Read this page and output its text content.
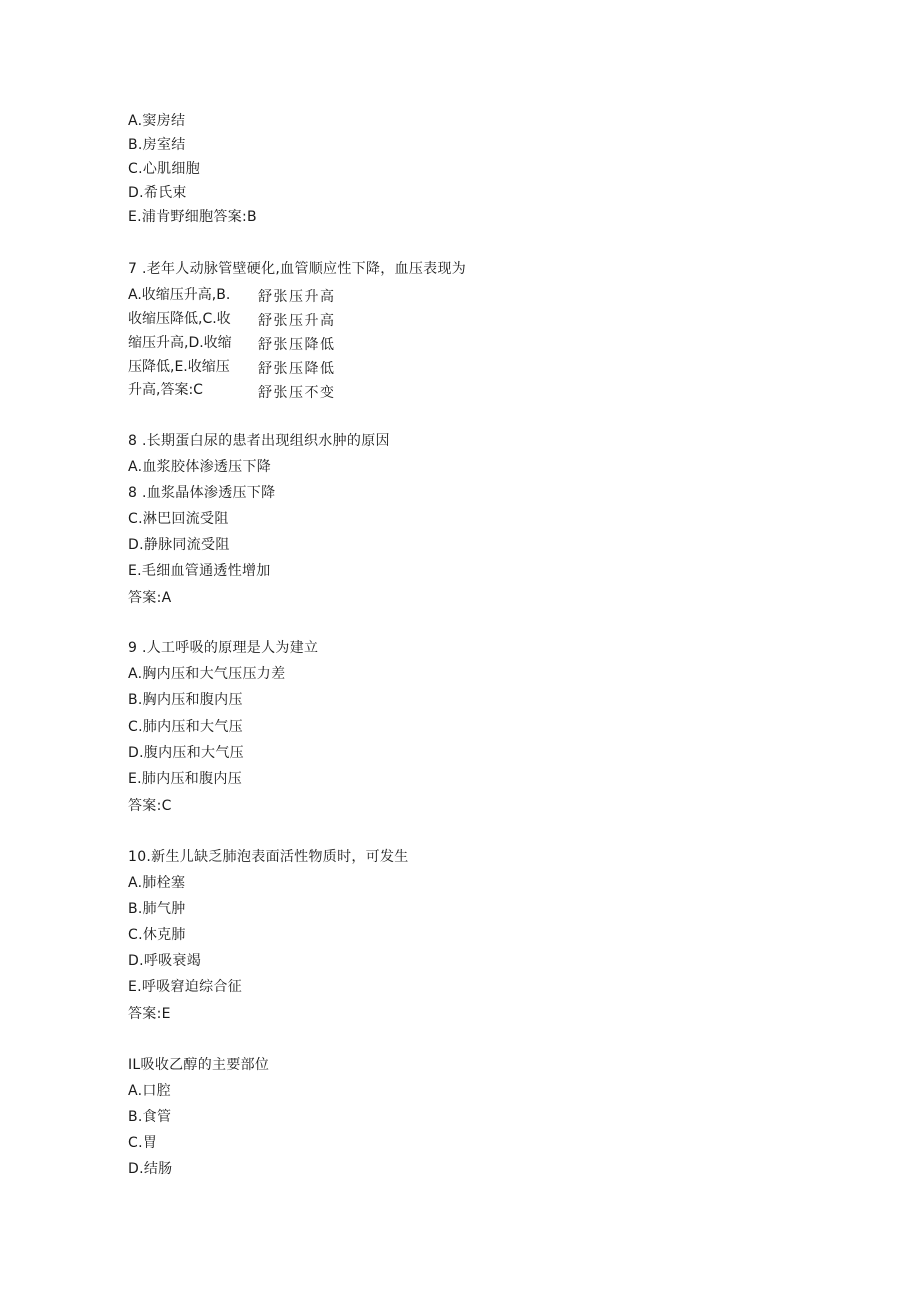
A.窦房结
B.房室结
C.心肌细胞
D.希氏束
E.浦肯野细胞答案:B
7 .老年人动脉管壁硬化,血管顺应性下降，血压表现为
A.收缩压升高,B.
收缩压降低,C.收
缩压升高,D.收缩
压降低,E.收缩压
升高,答案:C
舒张压升高
舒张压升高
舒张压降低
舒张压降低
舒张压不变
8 .长期蛋白尿的患者出现组织水肿的原因
A.血浆胶体渗透压下降
8 .血浆晶体渗透压下降
C.淋巴回流受阻
D.静脉同流受阻
E.毛细血管通透性增加
答案:A
9 .人工呼吸的原理是人为建立
A.胸内压和大气压压力差
B.胸内压和腹内压
C.肺内压和大气压
D.腹内压和大气压
E.肺内压和腹内压
答案:C
10.新生儿缺乏肺泡表面活性物质时，可发生
A.肺栓塞
B.肺气肿
C.休克肺
D.呼吸衰竭
E.呼吸窘迫综合征
答案:E
IL吸收乙醇的主要部位
A.口腔
B.食管
C.胃
D.结肠
